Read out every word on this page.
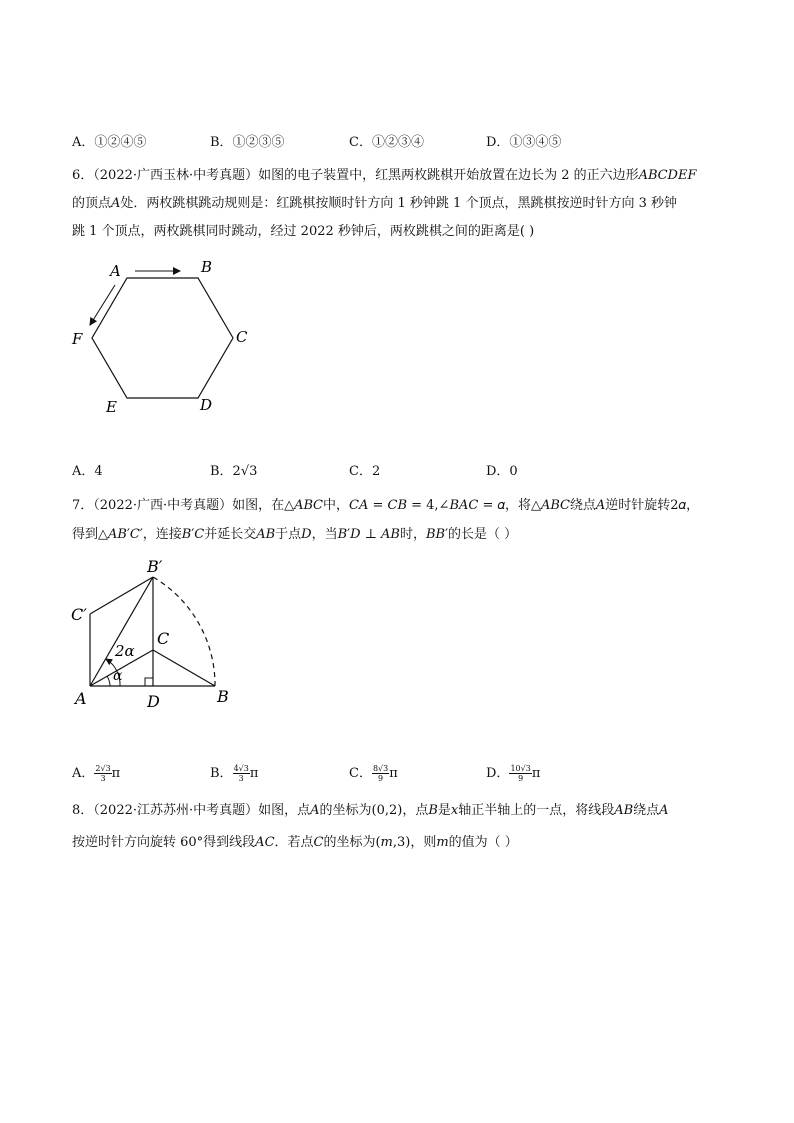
A．①②④⑤	B．①②③⑤	C．①②③④	D．①③④⑤
6．（2022·广西玉林·中考真题）如图的电子装置中，红黑两枚跳棋开始放置在边长为 2 的正六边形𝐴𝐵𝐶𝐷𝐸𝐹
的顶点𝐴处．两枚跳棋跳动规则是：红跳棋按顺时针方向 1 秒钟跳 1 个顶点，黑跳棋按逆时针方向 3 秒钟
跳 1 个顶点，两枚跳棋同时跳动，经过 2022 秒钟后，两枚跳棋之间的距离是( )
A	B
C
D
E
F
A．4	B．2√3	C．2	D．0
7．（2022·广西·中考真题）如图，在△𝐴𝐵𝐶中，𝐶𝐴 = 𝐶𝐵 = 4,∠𝐵𝐴𝐶 = 𝛼，将△𝐴𝐵𝐶绕点𝐴逆时针旋转2𝛼，
得到△𝐴𝐵′𝐶′，连接𝐵′𝐶并延长交𝐴𝐵于点𝐷，当𝐵′𝐷 ⊥ 𝐴𝐵时，𝐵𝐵′的长是（ ）
B′
C′
C
A	D	B
2α
α
A． $\frac{2√3}{3}$ π	B． $\frac{4√3}{3}$ π	C． $\frac{8√3}{9}$ π	D． $\frac{10√3}{9}$ π
8．（2022·江苏苏州·中考真题）如图，点𝐴的坐标为(0,2)，点𝐵是𝑥轴正半轴上的一点，将线段𝐴𝐵绕点𝐴
按逆时针方向旋转 60°得到线段𝐴𝐶．若点𝐶的坐标为(𝑚,3)，则𝑚的值为（ ）
